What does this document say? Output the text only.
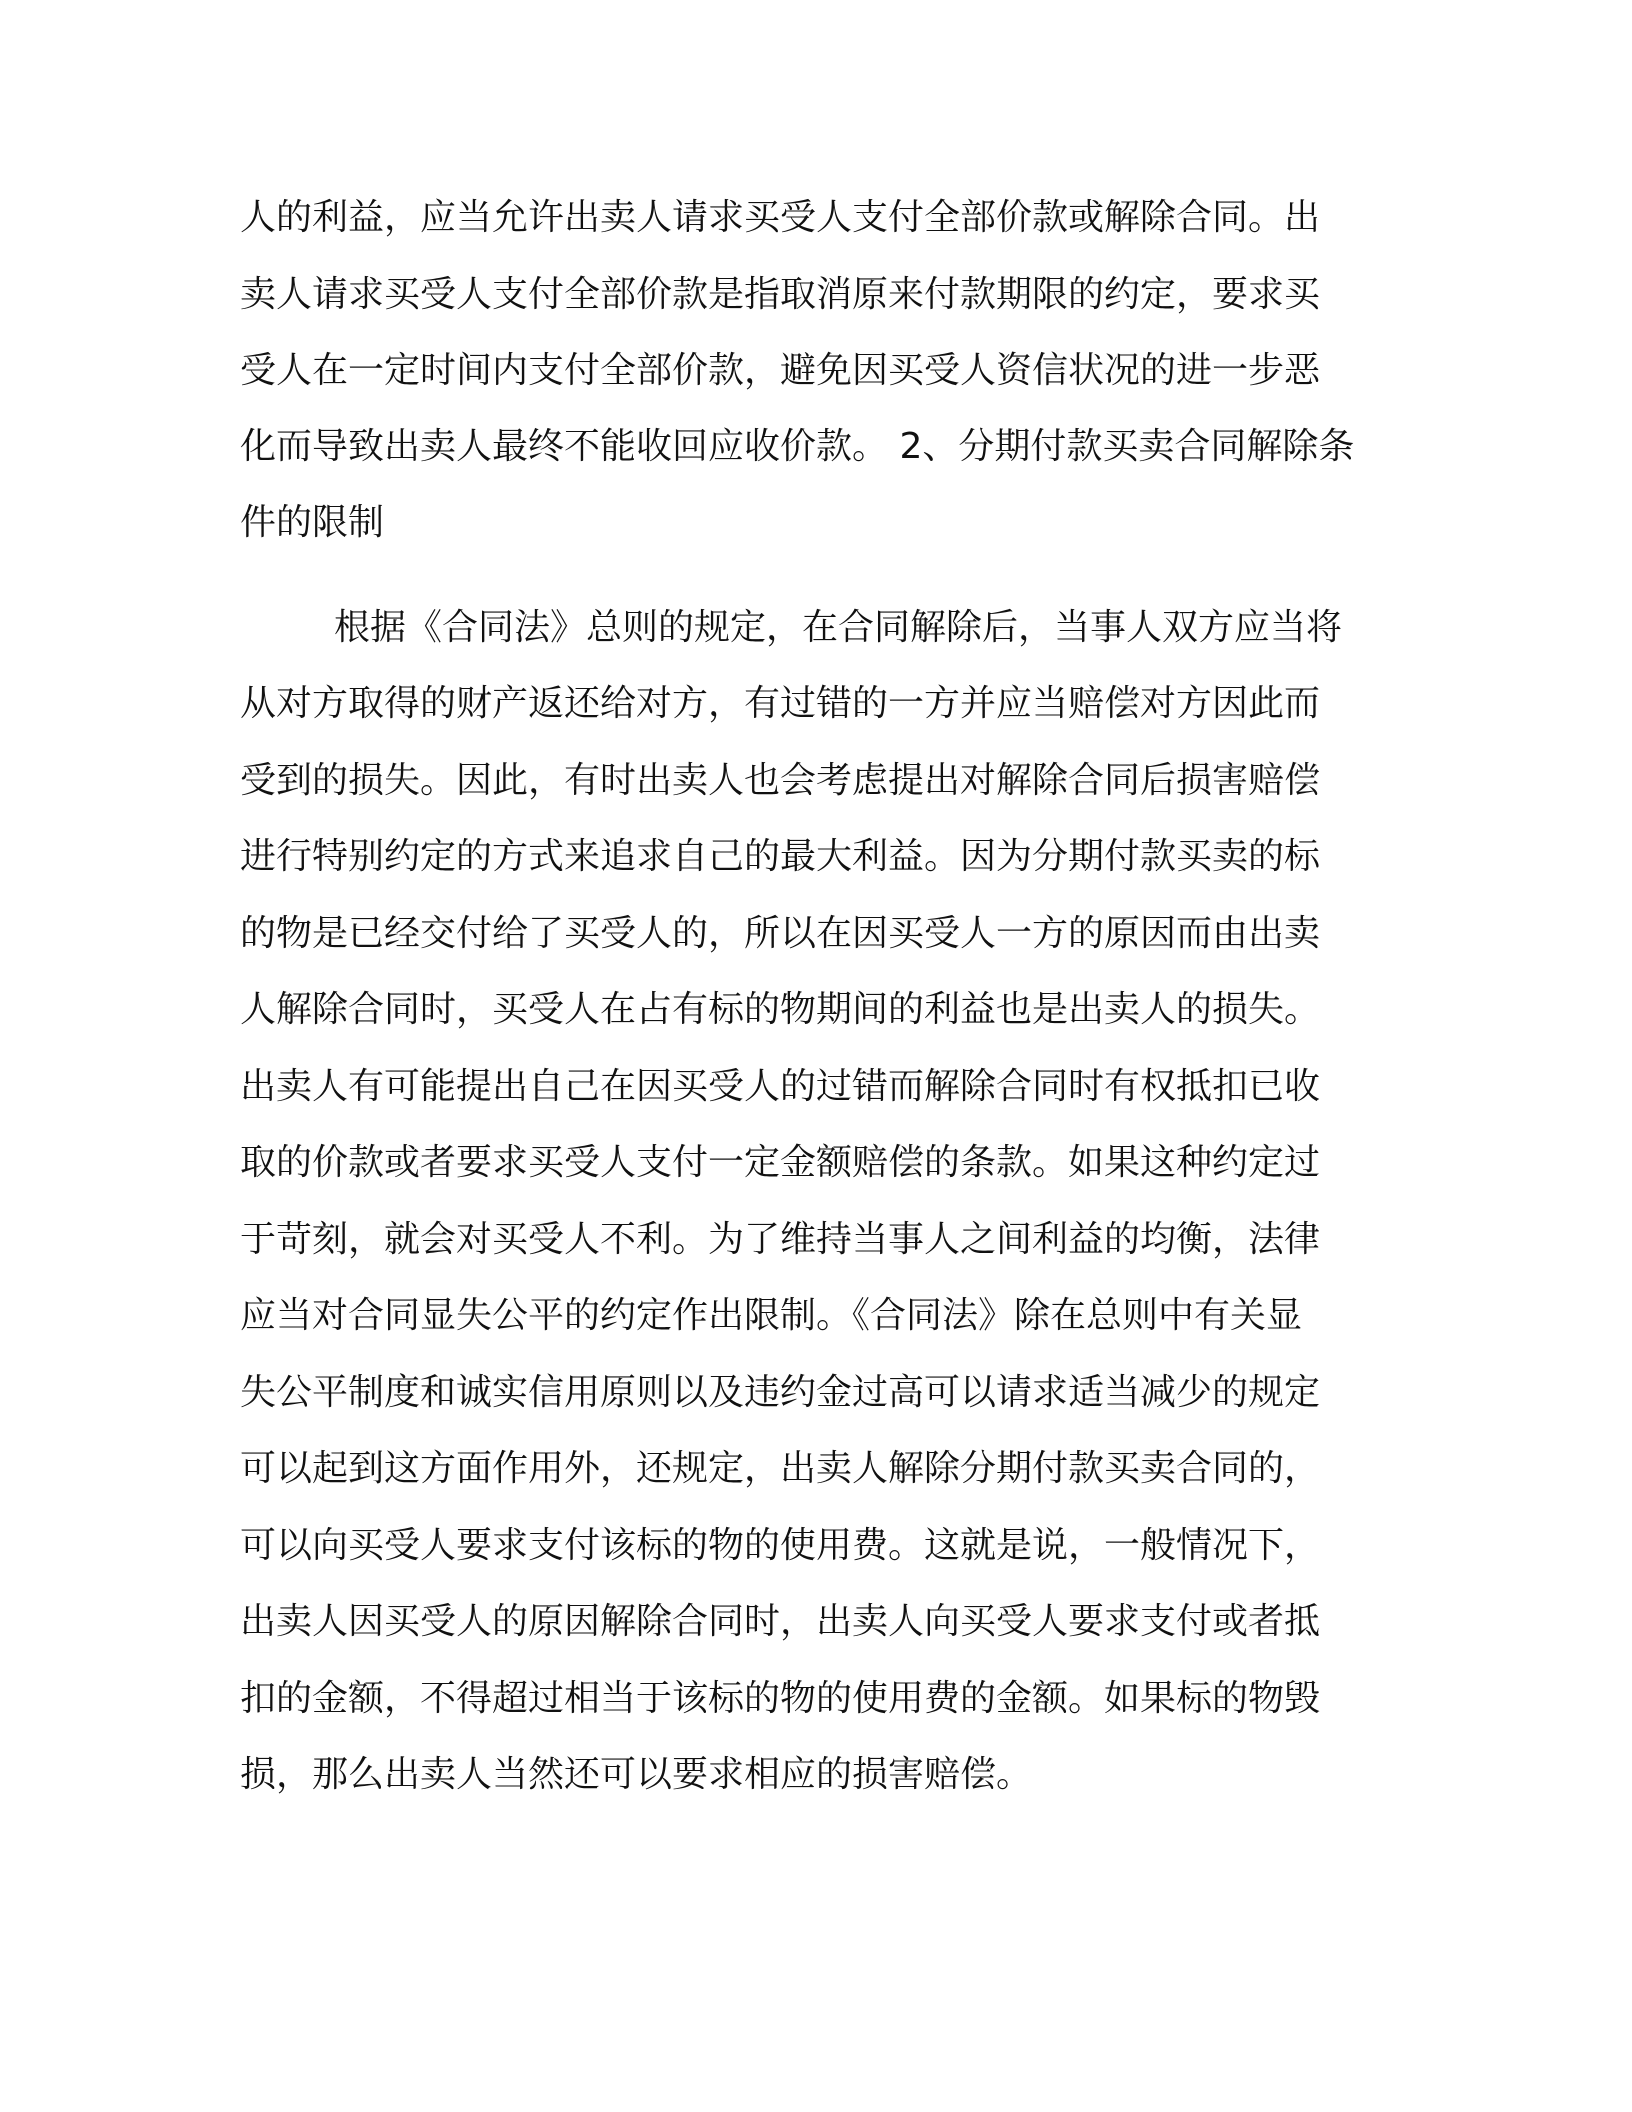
人的利益，应当允许出卖人请求买受人支付全部价款或解除合同。出

卖人请求买受人支付全部价款是指取消原来付款期限的约定，要求买

受人在一定时间内支付全部价款，避免因买受人资信状况的进一步恶

化而导致出卖人最终不能收回应收价款。 2、分期付款买卖合同解除条

件的限制

根据《合同法》总则的规定，在合同解除后，当事人双方应当将

从对方取得的财产返还给对方，有过错的一方并应当赔偿对方因此而

受到的损失。因此，有时出卖人也会考虑提出对解除合同后损害赔偿

进行特别约定的方式来追求自己的最大利益。因为分期付款买卖的标

的物是已经交付给了买受人的，所以在因买受人一方的原因而由出卖

人解除合同时，买受人在占有标的物期间的利益也是出卖人的损失。

出卖人有可能提出自己在因买受人的过错而解除合同时有权抵扣已收

取的价款或者要求买受人支付一定金额赔偿的条款。如果这种约定过

于苛刻，就会对买受人不利。为了维持当事人之间利益的均衡，法律

应当对合同显失公平的约定作出限制。《合同法》除在总则中有关显

失公平制度和诚实信用原则以及违约金过高可以请求适当减少的规定

可以起到这方面作用外，还规定，出卖人解除分期付款买卖合同的，

可以向买受人要求支付该标的物的使用费。这就是说，一般情况下，

出卖人因买受人的原因解除合同时，出卖人向买受人要求支付或者抵

扣的金额，不得超过相当于该标的物的使用费的金额。如果标的物毁

损，那么出卖人当然还可以要求相应的损害赔偿。
